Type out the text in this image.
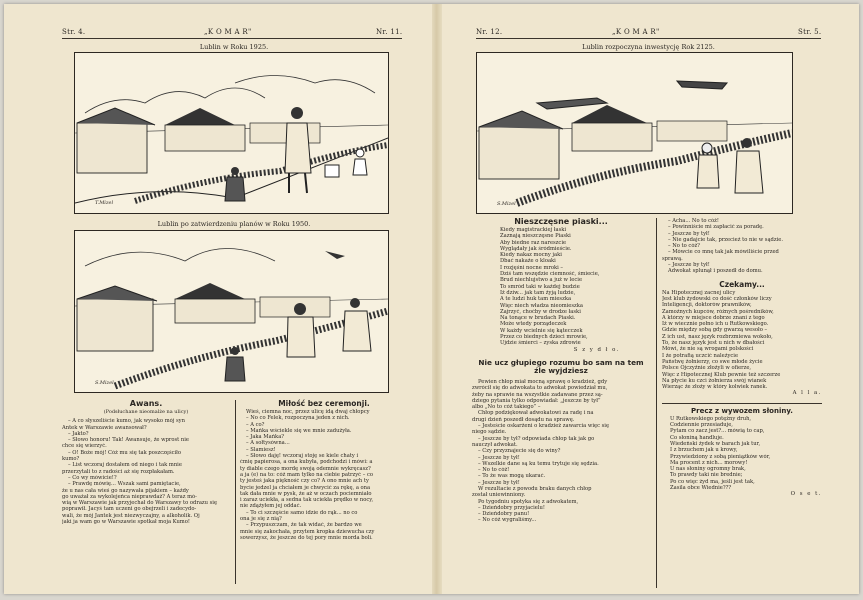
Str. 4.	„K O M A R"	Nr. 11.
Lublin w Roku 1925.
T.Mizel
Lublin po zatwierdzeniu planów w Roku 1950.
S.Mizel
Awans.
(Podsłuchane nieomalże na ulicy)

– A co słyszeliście kumo, jak wysoko mój syn

Antek w Warszawie awansował?

– Jakto?

– Słowo honoru! Tak! Awansuje, że wprost nie

chce się wierzyć.

– O! Boże mój! Cóż mu się tak poszczęściło

kumo?

– List wczoraj dostałem od niego i tak mnie

przerzytali to z radości aż się rozpłakałam.

– Co wy mówicie!?

– Prawdę mówię... Wszak sami pamiętacie,

że u nas cała wieś go nazywała pijakiem – każdy

go uważał za wykolejeńca nieprawdaż? A teraz mó-

wią w Warszawie jak przyjechał do Warszawy to odrazu się

poprawił. Jacyś tam uczeni go obejrzeli i zadecydo-

wali, że mój Jantek jest niezwyczajny, a alkoholik. Oj

jaki ja wam go w Warszawie spotkał moja Kumo!

Miłość bez ceremonji.

Wieś, ciemna noc, przez ulicę idą dwaj chłopcy

– No co Felek, rozpoczyna jeden z nich.

– A co?

– Mańka wściekle się we mnie zadużyła.

– Jaka Mańka?

– A sołtysówna...

– Ślamiesz!

– Słowo daję! wczoraj stoję se kiele chaty i

ćmię papierosa, a ona kubyła, podchodzi i mówi: a

ty diable czego mordę swoją odemnie wykręcasz?

a ja (e) na to: cóż mam tylko na ciebie patrzyć – co

ty jesteś jaka piękność czy co? A ono mnie ach ty

bycie jedzel ja chciałem je chwycić za rękę, a ona

tak dała mnie w pysk, że aż w oczach pociemniało

i zaraz uciekła, a sedna tak uciekła prędko w nocy,

nie zdążyłem jej oddać.

– To ci szczęście samo idzie do rąk... no co

ona je się z nią?

– Przypuszczam, że tak widać, że bardzo we

mnie się zakochała, przytem kropka dziewucha czy

sowerzysz, że jeszcze do tej pory mnie morda boli.

Nr. 12.	„K O M A R"	Str. 5.
Lublin rozpoczyna inwestycję Rok 2125.
S.Mizel
Nieszczęsne piaski...

Kiedy magistrackiej łaski

Zaznają nieszczęsne Piaski

Aby biedne raz nareszcie

Wyglądały jak śródmieście.

Kiedy nakaz mocny jaki

Dbać nakaże o kloaki

I rozjęśni nocne mroki –

Dziś tam wszędzie ciemność, śmiecie,

Brud niechlujstwo a już w lecie

To smród taki w każdej budzie

Iż dziw... jak tam żyją ludzie,

A te ludzi huk tam mieszka

Więc niech władza nieomieszka

Zajrzyć, choćby w drodze łaski

Na tonące w brudach Piaski.

Może wtedy porządeczek

W każdy wcielnie się kątecczek

Przez co biednych dzieci mrowie,

Ujdzie śmierci – zyska zdrowie

S z y d ł o.
Nie ucz głupiego rozumu bo sam na tem źle wyjdziesz

Pewien chłop miał mocną sprawę o kradzież, gdy

zwrócił się do adwokata to adwokat powiedział mu,

żeby na sprawie na wszystkie zadawane przez są-

dziego pytania tylko odpowiadał: „jeszcze by tył”

albo „No to cóż takiego” –

Chłop podziękował adwokatowi za radę i na

drugi dzień poszedł dosądu na sprawę.

– Jesteście oskarżeni o kradzież zawarcia więc się

niego sądzie.

– Jeszcze by tył? odpowiada chłop tak jak go

nauczył adwokat.

– Czy przyznajecie się do winy?

– Jeszcze by tył!

– Wszelkie dane są ku temu trytuje się sędzia.

– No to cóż!

– To że was mogą ukarać.

– Jeszcze by tył!

W rezultacie z powodu braku danych chłop

został uniewinniony.

Po tygodniu spotyka się z adwokatem,

– Dzieńdobry przyjacielu!

– Dzieńdobry panu!

– No cóż wygraliśmy...

– Acha... No to cóż!

– Powinniście mi zapłacić za poradę.

– Jeszcze by tył!

– Nie gadajcie tak, przecież to nie w sądzie.

– No to cóż?

– Mówcie co mnę tak jak mówiliście przed

sprawą.

– Jeszcze by tył!

Adwokat splunął i poszedł do domu.

Czekamy...

Na Hipotecznej zacnej ulicy

Jest klub żydowski co dość członków liczy

Inteligencji, doktorów prawników,

Zamożnych kupców, różnych pośredników,

A którzy w miejsce dobrze znani z tego

Iż w wiecznie pełno ich u Rutkowskiego.

Gdzie między sobą gdy gwarzą wesoło –

Z ich ust, nasz język rozbrzmiewa wokoło,

To, że nasz język jest u nich w dbałości

Mówi, że nie są wrogami polskości

I że potrafią uczcić należycie

Państwę żołnierzy, co swe młode życie

Polsce Ojczyźnie złożyli w ofierze,

Więc z Hipotecznej Klub pewnie też szczerze

Na płycie ku czci żołnierza swój wianek

Wierząc że złoży w który kolwiek ranek.

A l l a.
Precz z wywozem słoniny.

U Rutkowskiego potężny druh,

Codziennie przesiaduje,

Pytam co zacz jest?... mówią to cap,

Co słoniną handluje.

Wiedeński żydek w barach jak tur,

I z brzuchem jak u krowy,

Przywiedziony z sobą pieniążków wór,

Ma procent z nich... morowy!

U nas słoniny ogromny brak,

To prawdy taki nie brednie;

Po co więc żyd ma, jeśli jest tak,

Zasila obce Wiednie???

O s e t.
